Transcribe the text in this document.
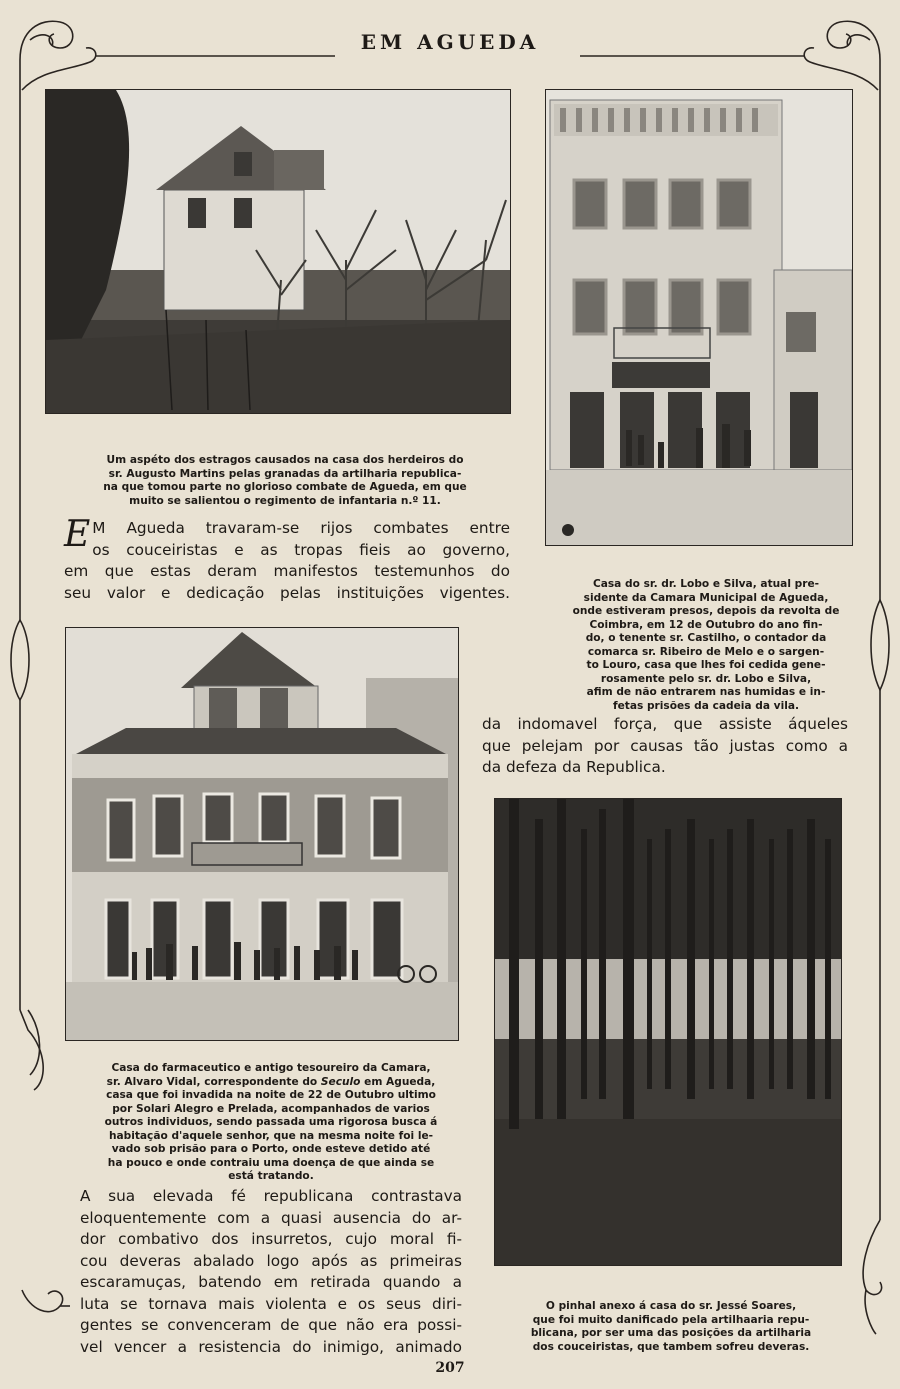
EM AGUEDA
Um aspéto dos estragos causados na casa dos herdeiros do
sr. Augusto Martins pelas granadas da artilharia republica-
na que tomou parte no glorioso combate de Agueda, em que
muito se salientou o regimento de infantaria n.º 11.
Casa do sr. dr. Lobo e Silva, atual pre-
sidente da Camara Municipal de Agueda,
onde estiveram presos, depois da revolta de
Coimbra, em 12 de Outubro do ano fin-
do, o tenente sr. Castilho, o contador da
comarca sr. Ribeiro de Melo e o sargen-
to Louro, casa que lhes foi cedida gene-
rosamente pelo sr. dr. Lobo e Silva,
afim de não entrarem nas humidas e in-
fetas prisões da cadeia da vila.
E M Agueda travaram-se rijos combates entre
os couceiristas e as tropas fieis ao governo,
em que estas deram manifestos testemunhos do
seu valor e dedicação pelas instituições vigentes.
Casa do farmaceutico e antigo tesoureiro da Camara,
sr. Alvaro Vidal, correspondente do Seculo em Agueda,
casa que foi invadida na noite de 22 de Outubro ultimo
por Solari Alegro e Prelada, acompanhados de varios
outros individuos, sendo passada uma rigorosa busca á
habitação d'aquele senhor, que na mesma noite foi le-
vado sob prisão para o Porto, onde esteve detido até
ha pouco e onde contraiu uma doença de que ainda se
está tratando.
da indomavel força, que assiste áqueles
que pelejam por causas tão justas como a
da defeza da Republica.
O pinhal anexo á casa do sr. Jessé Soares,
que foi muito danificado pela artilhaaria repu-
blicana, por ser uma das posições da artilharia
dos couceiristas, que tambem sofreu deveras.
A sua elevada fé republicana contrastava
eloquentemente com a quasi ausencia do ar-
dor combativo dos insurretos, cujo moral fi-
cou deveras abalado logo após as primeiras
escaramuças, batendo em retirada quando a
luta se tornava mais violenta e os seus diri-
gentes se convenceram de que não era possi-
vel vencer a resistencia do inimigo, animado
207
